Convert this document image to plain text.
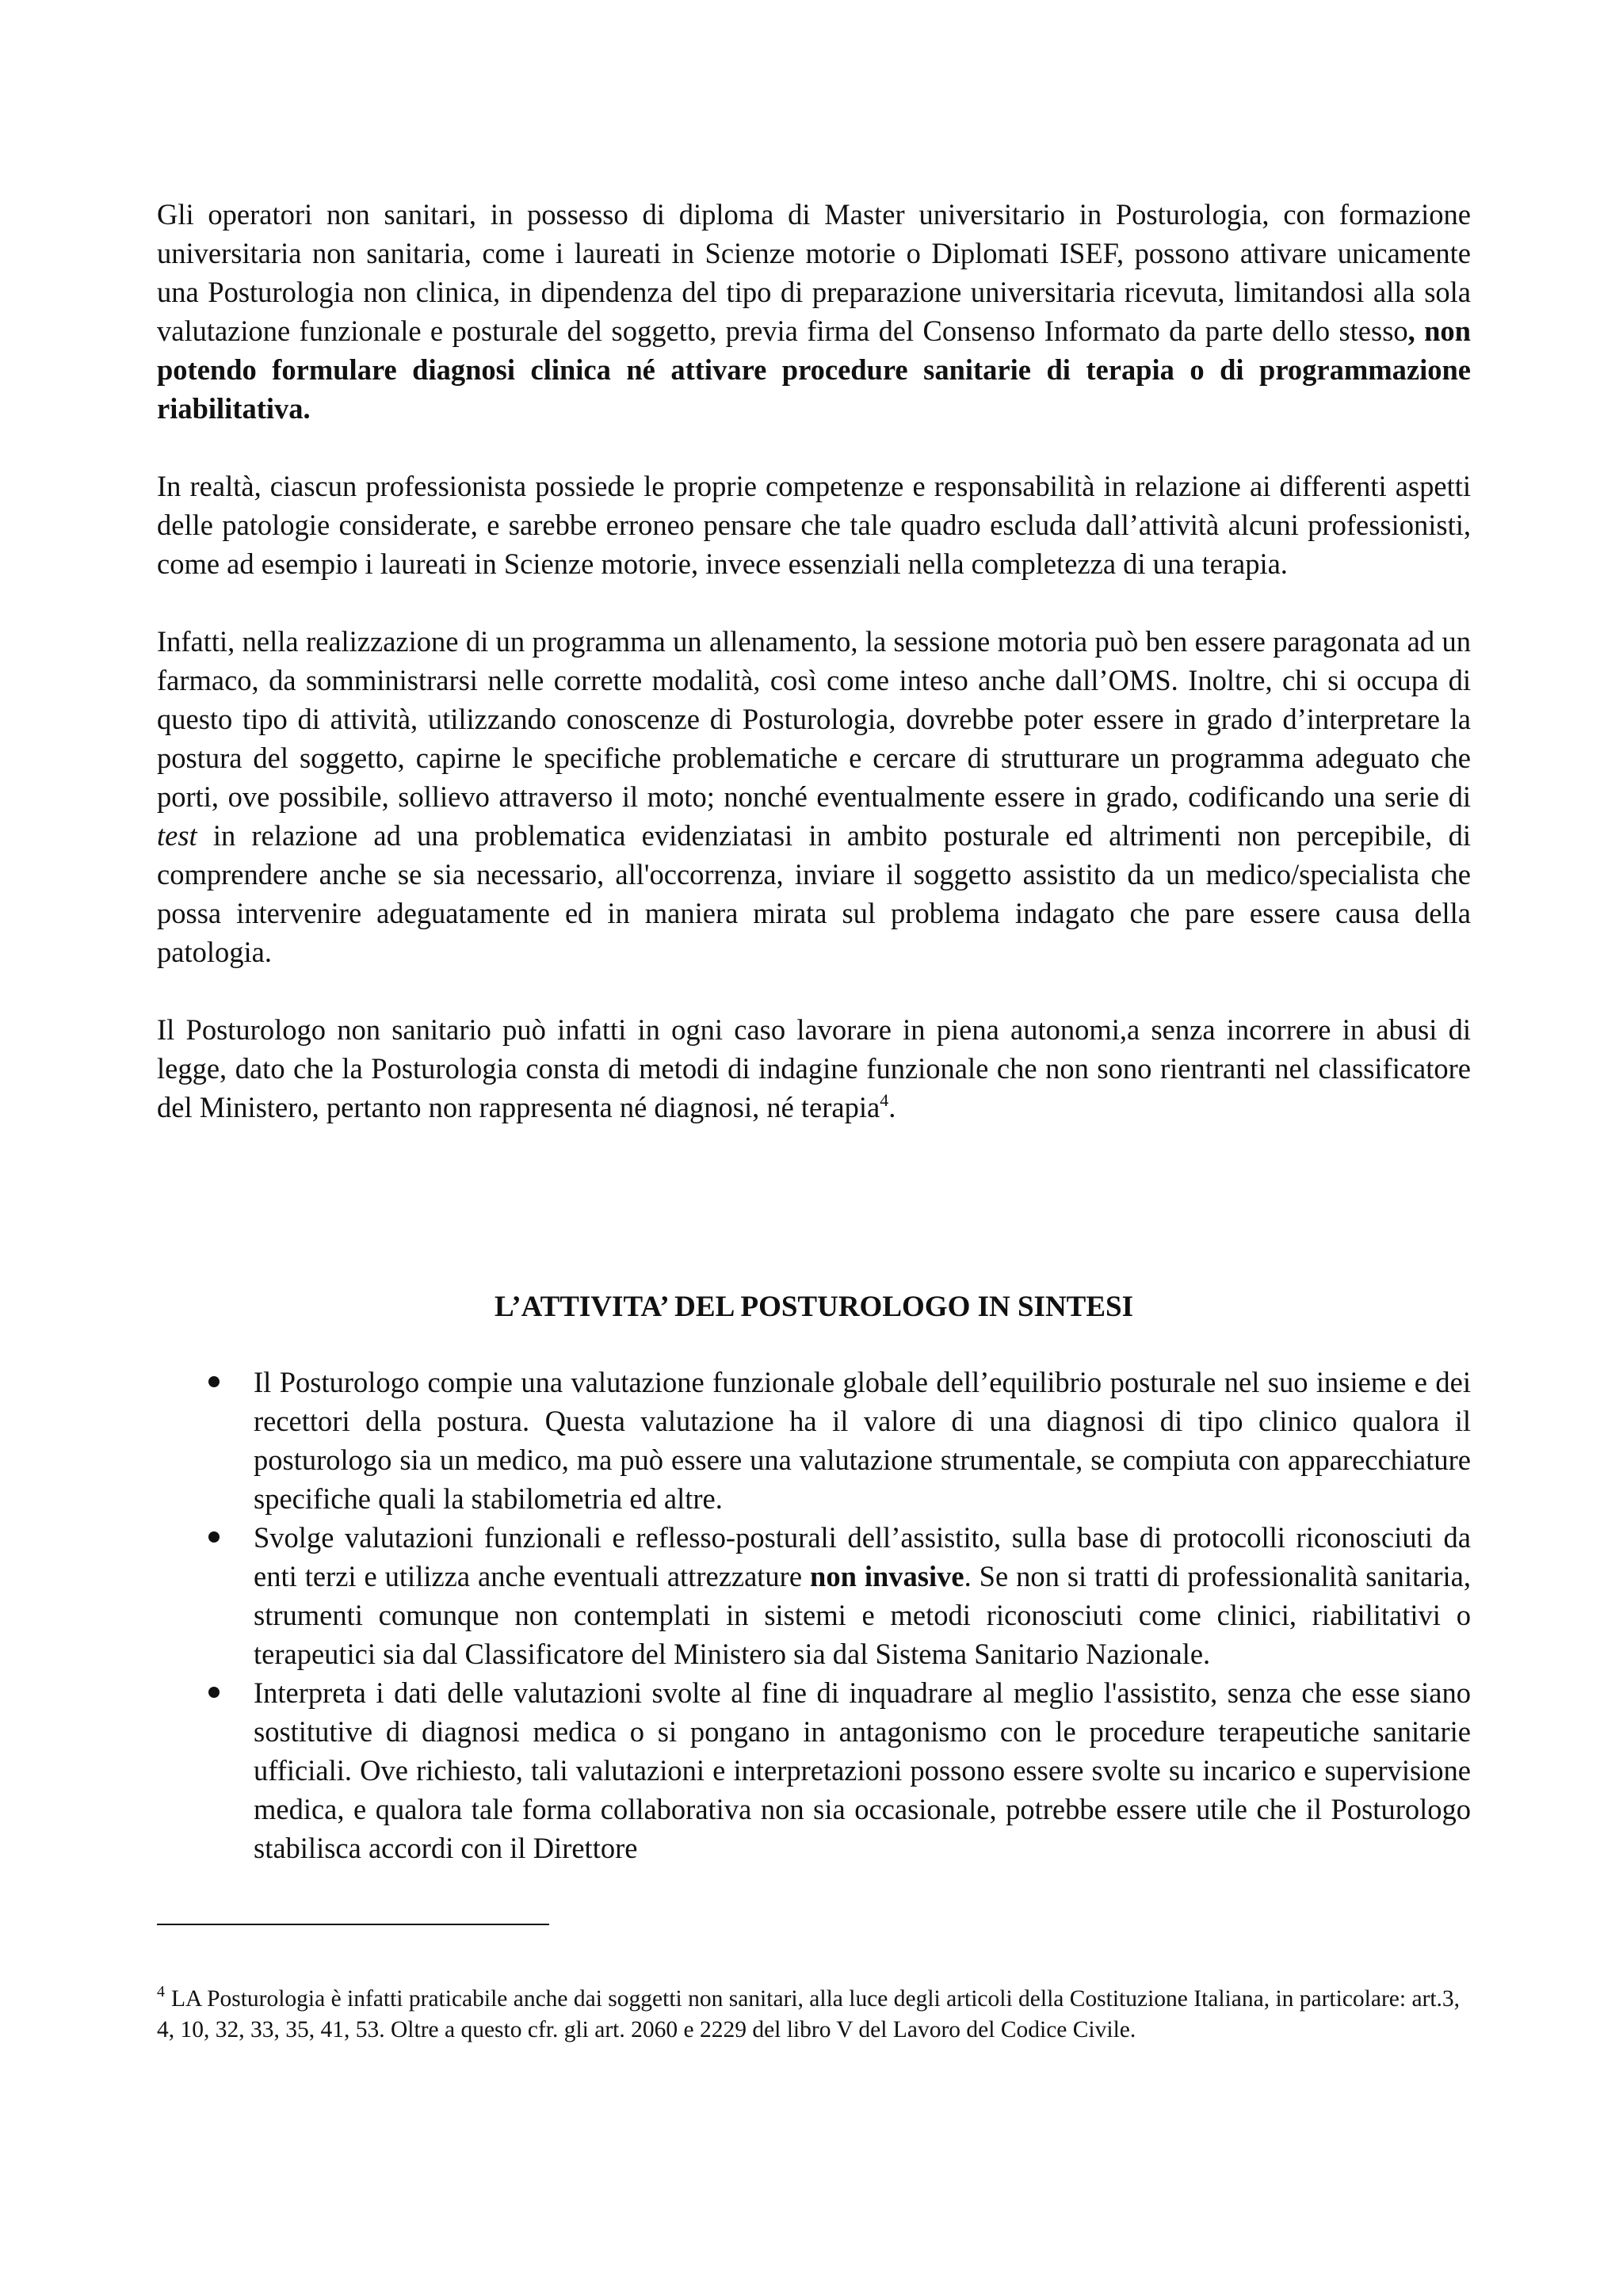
Gli operatori non sanitari, in possesso di diploma di Master universitario in Posturologia, con formazione universitaria non sanitaria, come i laureati in Scienze motorie o Diplomati ISEF, possono attivare unicamente una Posturologia non clinica, in dipendenza del tipo di preparazione universitaria ricevuta, limitandosi alla sola valutazione funzionale e posturale del soggetto, previa firma del Consenso Informato da parte dello stesso, non potendo formulare diagnosi clinica né attivare procedure sanitarie di terapia o di programmazione riabilitativa.

In realtà, ciascun professionista possiede le proprie competenze e responsabilità in relazione ai differenti aspetti delle patologie considerate, e sarebbe erroneo pensare che tale quadro escluda dall’attività alcuni professionisti, come ad esempio i laureati in Scienze motorie, invece essenziali nella completezza di una terapia.

Infatti, nella realizzazione di un programma un allenamento, la sessione motoria può ben essere paragonata ad un farmaco, da somministrarsi nelle corrette modalità, così come inteso anche dall’OMS. Inoltre, chi si occupa di questo tipo di attività, utilizzando conoscenze di Posturologia, dovrebbe poter essere in grado d’interpretare la postura del soggetto, capirne le specifiche problematiche e cercare di strutturare un programma adeguato che porti, ove possibile, sollievo attraverso il moto; nonché eventualmente essere in grado, codificando una serie di test in relazione ad una problematica evidenziatasi in ambito posturale ed altrimenti non percepibile, di comprendere anche se sia necessario, all'occorrenza, inviare il soggetto assistito da un medico/specialista che possa intervenire adeguatamente ed in maniera mirata sul problema indagato che pare essere causa della patologia.

Il Posturologo non sanitario può infatti in ogni caso lavorare in piena autonomi,a senza incorrere in abusi di legge, dato che la Posturologia consta di metodi di indagine funzionale che non sono rientranti nel classificatore del Ministero, pertanto non rappresenta né diagnosi, né terapia$^4$.

L’ATTIVITA’ DEL POSTUROLOGO IN SINTESI
Il Posturologo compie una valutazione funzionale globale dell’equilibrio posturale nel suo insieme e dei recettori della postura. Questa valutazione ha il valore di una diagnosi di tipo clinico qualora il posturologo sia un medico, ma può essere una valutazione strumentale, se compiuta con apparecchiature specifiche quali la stabilometria ed altre.
Svolge valutazioni funzionali e reflesso-posturali dell’assistito, sulla base di protocolli riconosciuti da enti terzi e utilizza anche eventuali attrezzature non invasive. Se non si tratti di professionalità sanitaria, strumenti comunque non contemplati in sistemi e metodi riconosciuti come clinici, riabilitativi o terapeutici sia dal Classificatore del Ministero sia dal Sistema Sanitario Nazionale.
Interpreta i dati delle valutazioni svolte al fine di inquadrare al meglio l'assistito, senza che esse siano sostitutive di diagnosi medica o si pongano in antagonismo con le procedure terapeutiche sanitarie ufficiali. Ove richiesto, tali valutazioni e interpretazioni possono essere svolte su incarico e supervisione medica, e qualora tale forma collaborativa non sia occasionale, potrebbe essere utile che il Posturologo stabilisca accordi con il Direttore
$^4$ LA Posturologia è infatti praticabile anche dai soggetti non sanitari, alla luce degli articoli della Costituzione Italiana, in particolare: art.3, 4, 10, 32, 33, 35, 41, 53. Oltre a questo cfr. gli art. 2060 e 2229 del libro V del Lavoro del Codice Civile.
